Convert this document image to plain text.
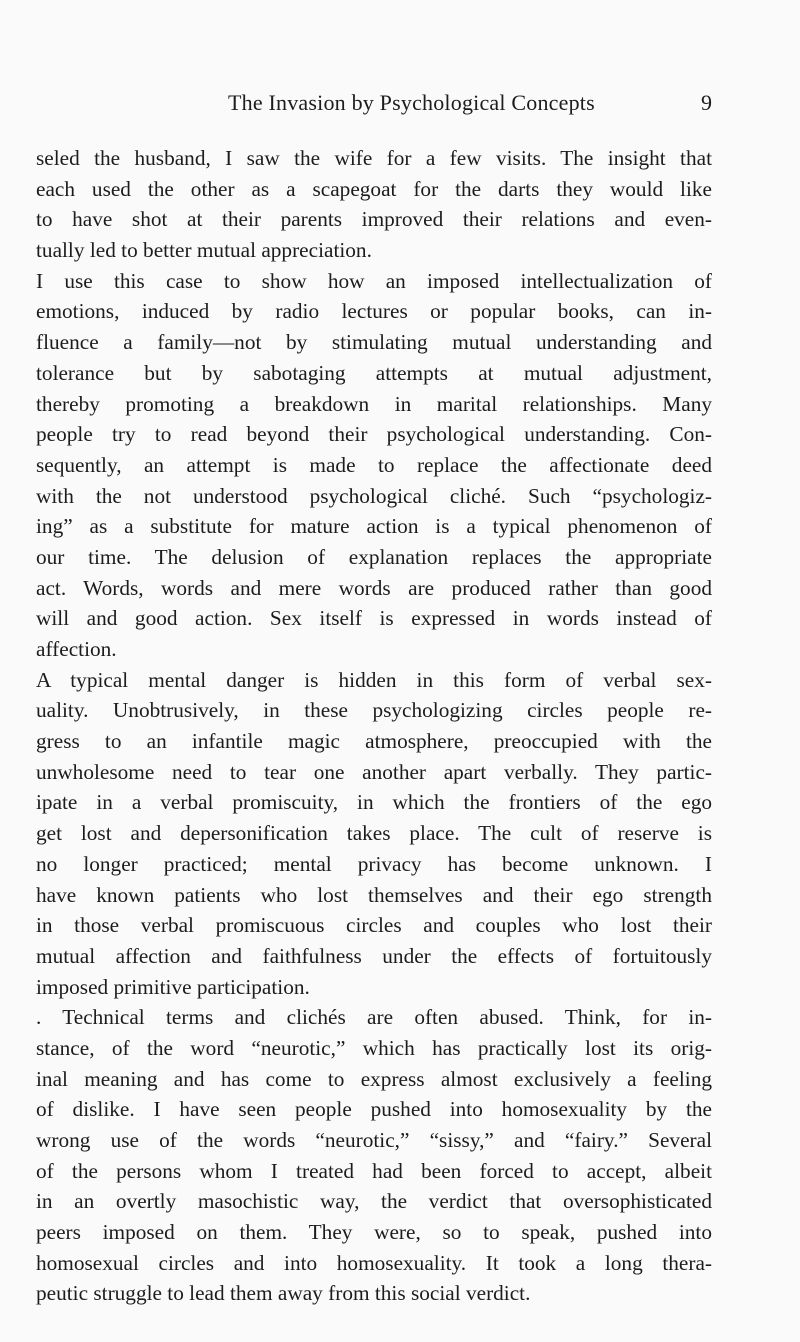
The Invasion by Psychological Concepts	9
seled the husband, I saw the wife for a few visits. The insight that
each used the other as a scapegoat for the darts they would like
to have shot at their parents improved their relations and even-
tually led to better mutual appreciation.
I use this case to show how an imposed intellectualization of
emotions, induced by radio lectures or popular books, can in-
fluence a family—not by stimulating mutual understanding and
tolerance but by sabotaging attempts at mutual adjustment,
thereby promoting a breakdown in marital relationships. Many
people try to read beyond their psychological understanding. Con-
sequently, an attempt is made to replace the affectionate deed
with the not understood psychological cliché. Such “psychologiz-
ing” as a substitute for mature action is a typical phenomenon of
our time. The delusion of explanation replaces the appropriate
act. Words, words and mere words are produced rather than good
will and good action. Sex itself is expressed in words instead of
affection.
A typical mental danger is hidden in this form of verbal sex-
uality. Unobtrusively, in these psychologizing circles people re-
gress to an infantile magic atmosphere, preoccupied with the
unwholesome need to tear one another apart verbally. They partic-
ipate in a verbal promiscuity, in which the frontiers of the ego
get lost and depersonification takes place. The cult of reserve is
no longer practiced; mental privacy has become unknown. I
have known patients who lost themselves and their ego strength
in those verbal promiscuous circles and couples who lost their
mutual affection and faithfulness under the effects of fortuitously
imposed primitive participation.
. Technical terms and clichés are often abused. Think, for in-
stance, of the word “neurotic,” which has practically lost its orig-
inal meaning and has come to express almost exclusively a feeling
of dislike. I have seen people pushed into homosexuality by the
wrong use of the words “neurotic,” “sissy,” and “fairy.” Several
of the persons whom I treated had been forced to accept, albeit
in an overtly masochistic way, the verdict that oversophisticated
peers imposed on them. They were, so to speak, pushed into
homosexual circles and into homosexuality. It took a long thera-
peutic struggle to lead them away from this social verdict.
